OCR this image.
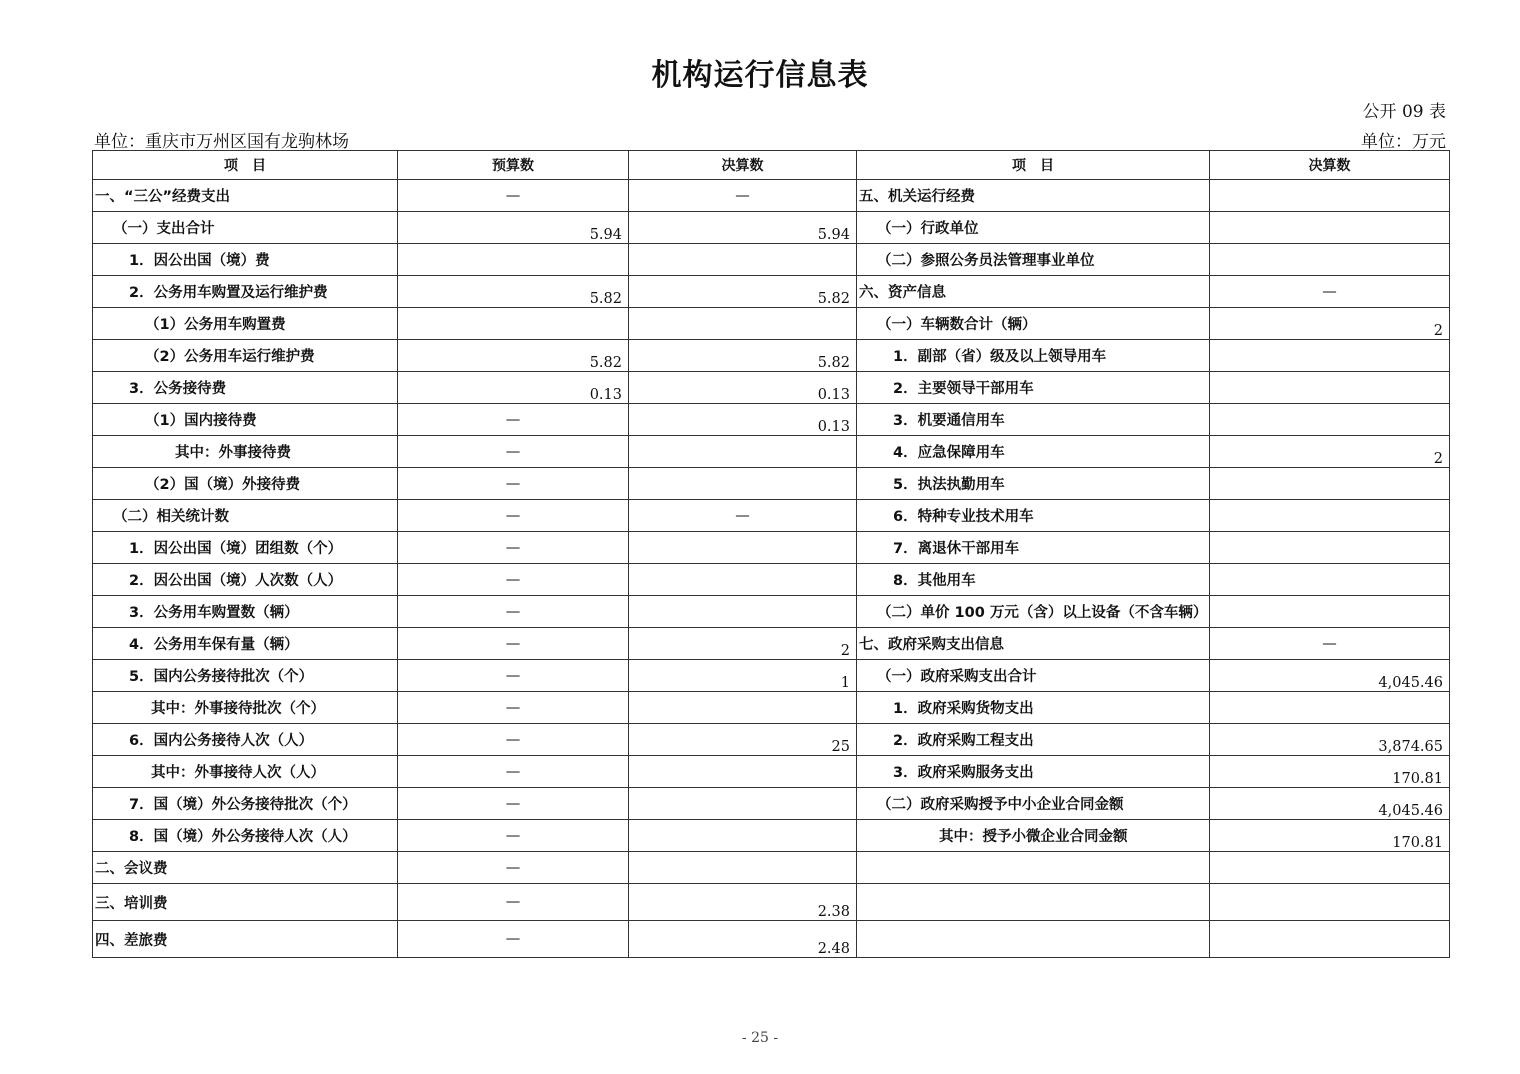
机构运行信息表
公开 09 表
单位：重庆市万州区国有龙驹林场	单位：万元
项　目	预算数	决算数	项　目	决算数
一、“三公”经费支出	—	—	五、机关运行经费	
（一）支出合计	5.94	5.94	（一）行政单位	
1．因公出国（境）费			（二）参照公务员法管理事业单位	
2．公务用车购置及运行维护费	5.82	5.82	六、资产信息	—
（1）公务用车购置费			（一）车辆数合计（辆）	2
（2）公务用车运行维护费	5.82	5.82	1．副部（省）级及以上领导用车	
3．公务接待费	0.13	0.13	2．主要领导干部用车	
（1）国内接待费	—	0.13	3．机要通信用车	
其中：外事接待费	—		4．应急保障用车	2
（2）国（境）外接待费	—		5．执法执勤用车	
（二）相关统计数	—	—	6．特种专业技术用车	
1．因公出国（境）团组数（个）	—		7．离退休干部用车	
2．因公出国（境）人次数（人）	—		8．其他用车	
3．公务用车购置数（辆）	—		（二）单价 100 万元（含）以上设备（不含车辆）	
4．公务用车保有量（辆）	—	2	七、政府采购支出信息	—
5．国内公务接待批次（个）	—	1	（一）政府采购支出合计	4,045.46
其中：外事接待批次（个）	—		1．政府采购货物支出	
6．国内公务接待人次（人）	—	25	2．政府采购工程支出	3,874.65
其中：外事接待人次（人）	—		3．政府采购服务支出	170.81
7．国（境）外公务接待批次（个）	—		（二）政府采购授予中小企业合同金额	4,045.46
8．国（境）外公务接待人次（人）	—		其中：授予小微企业合同金额	170.81
二、会议费	—			
三、培训费	—	2.38		
四、差旅费	—	2.48		
- 25 -
